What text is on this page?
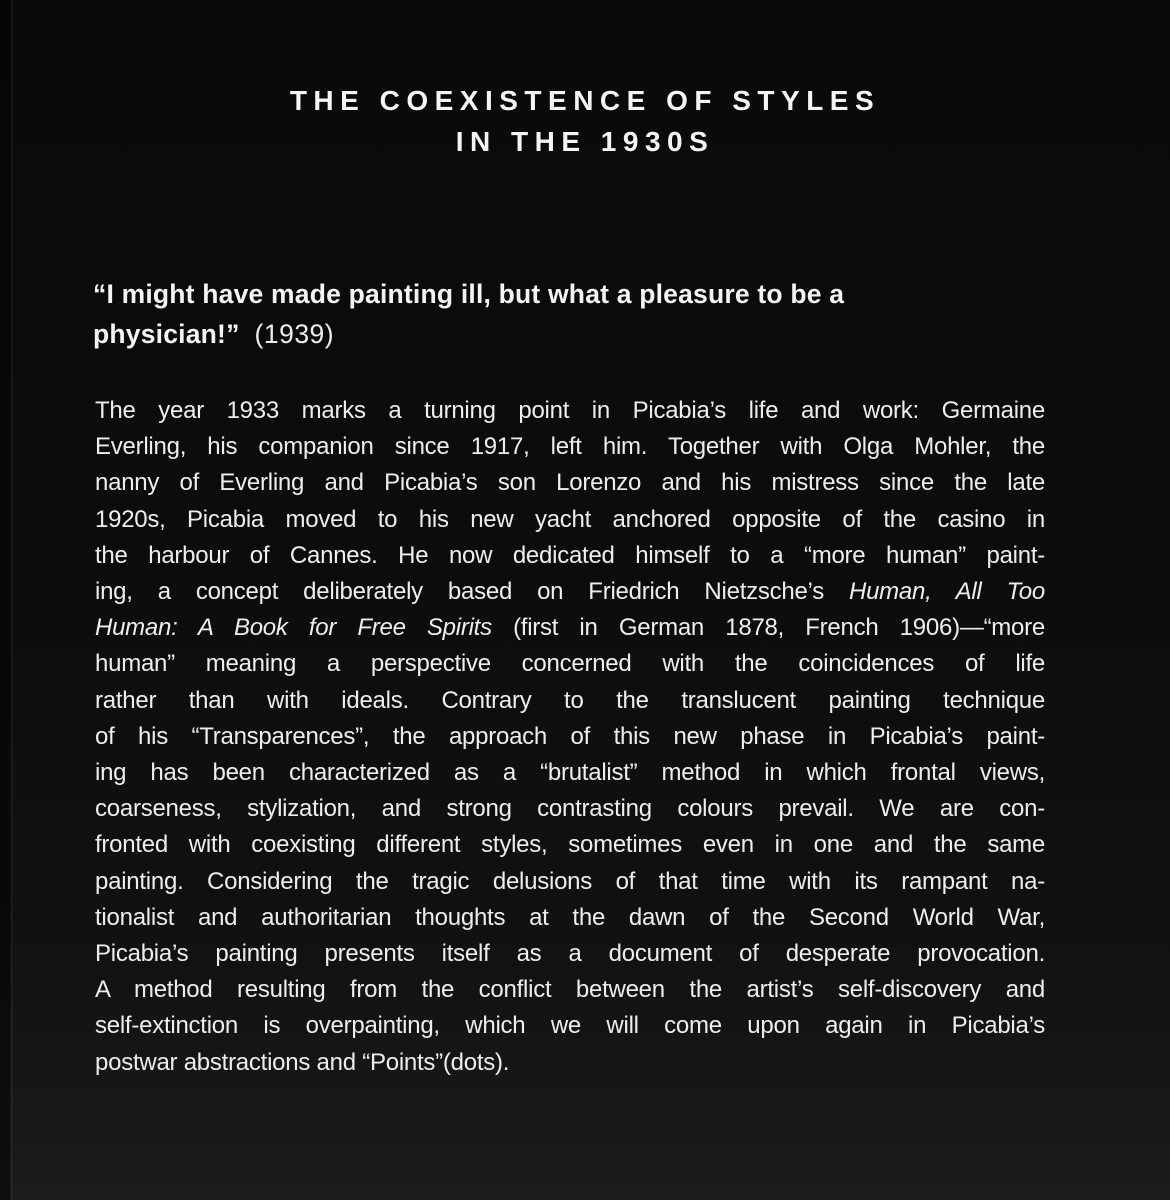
THE COEXISTENCE OF STYLES
IN THE 1930S
“I might have made painting ill, but what a pleasure to be a
physician!” (1939)
The year 1933 marks a turning point in Picabia’s life and work: Germaine
Everling, his companion since 1917, left him. Together with Olga Mohler, the
nanny of Everling and Picabia’s son Lorenzo and his mistress since the late
1920s, Picabia moved to his new yacht anchored opposite of the casino in
the harbour of Cannes. He now dedicated himself to a “more human” paint-
ing, a concept deliberately based on Friedrich Nietzsche’s Human, All Too
Human: A Book for Free Spirits (first in German 1878, French 1906)—“more
human” meaning a perspective concerned with the coincidences of life
rather than with ideals. Contrary to the translucent painting technique
of his “Transparences”, the approach of this new phase in Picabia’s paint-
ing has been characterized as a “brutalist” method in which frontal views,
coarseness, stylization, and strong contrasting colours prevail. We are con-
fronted with coexisting different styles, sometimes even in one and the same
painting. Considering the tragic delusions of that time with its rampant na-
tionalist and authoritarian thoughts at the dawn of the Second World War,
Picabia’s painting presents itself as a document of desperate provocation.
A method resulting from the conflict between the artist’s self-discovery and
self-extinction is overpainting, which we will come upon again in Picabia’s
postwar abstractions and “Points”(dots).
